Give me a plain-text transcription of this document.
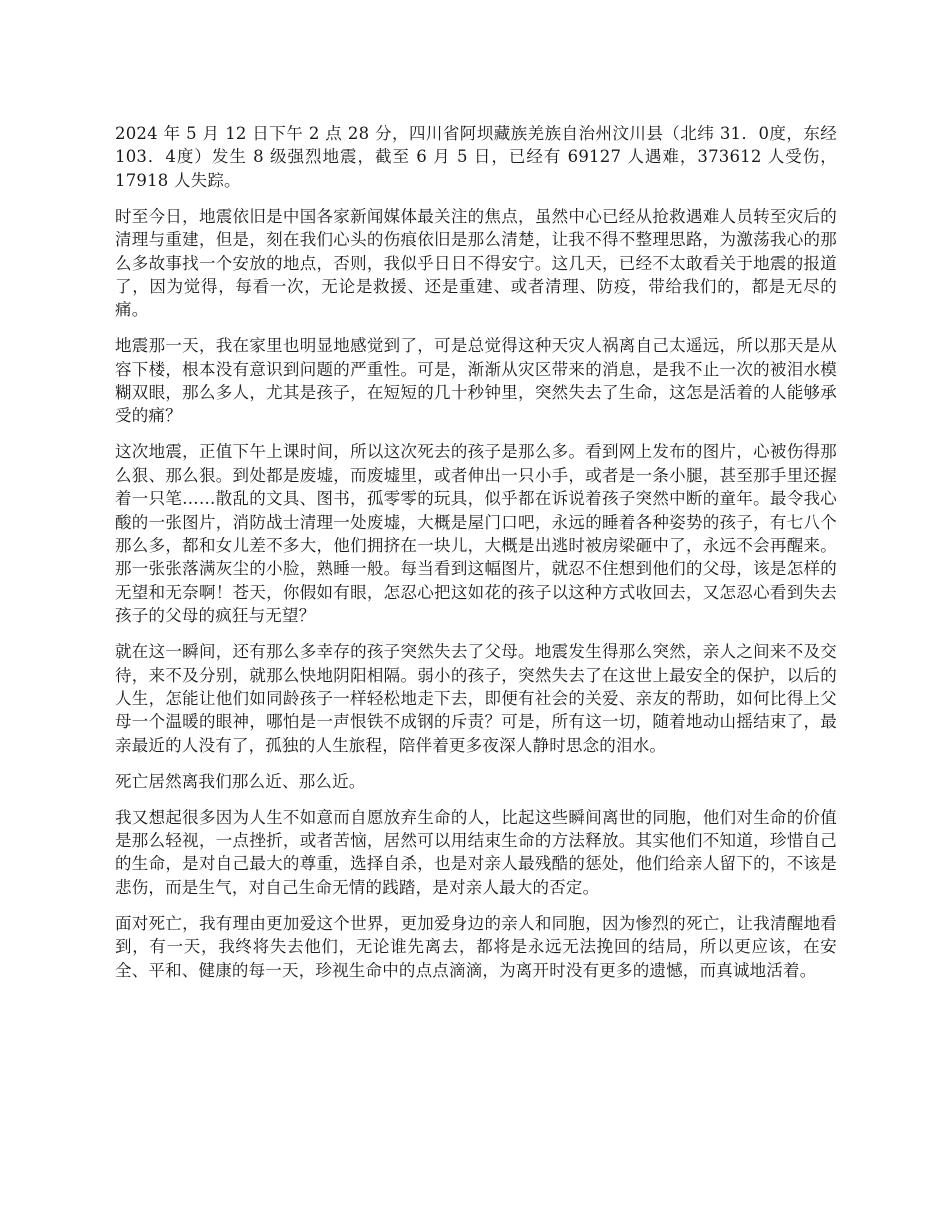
2024 年 5 月 12 日下午 2 点 28 分，四川省阿坝藏族羌族自治州汶川县（北纬 31．0度，东经 103．4度）发生 8 级强烈地震，截至 6 月 5 日，已经有 69127 人遇难，373612 人受伤，17918 人失踪。

时至今日，地震依旧是中国各家新闻媒体最关注的焦点，虽然中心已经从抢救遇难人员转至灾后的清理与重建，但是，刻在我们心头的伤痕依旧是那么清楚，让我不得不整理思路，为激荡我心的那么多故事找一个安放的地点，否则，我似乎日日不得安宁。这几天，已经不太敢看关于地震的报道了，因为觉得，每看一次，无论是救援、还是重建、或者清理、防疫，带给我们的，都是无尽的痛。

地震那一天，我在家里也明显地感觉到了，可是总觉得这种天灾人祸离自己太遥远，所以那天是从容下楼，根本没有意识到问题的严重性。可是，渐渐从灾区带来的消息，是我不止一次的被泪水模糊双眼，那么多人，尤其是孩子，在短短的几十秒钟里，突然失去了生命，这怎是活着的人能够承受的痛？

这次地震，正值下午上课时间，所以这次死去的孩子是那么多。看到网上发布的图片，心被伤得那么狠、那么狠。到处都是废墟，而废墟里，或者伸出一只小手，或者是一条小腿，甚至那手里还握着一只笔……散乱的文具、图书，孤零零的玩具，似乎都在诉说着孩子突然中断的童年。最令我心酸的一张图片，消防战士清理一处废墟，大概是屋门口吧，永远的睡着各种姿势的孩子，有七八个那么多，都和女儿差不多大，他们拥挤在一块儿，大概是出逃时被房梁砸中了，永远不会再醒来。那一张张落满灰尘的小脸，熟睡一般。每当看到这幅图片，就忍不住想到他们的父母，该是怎样的无望和无奈啊！苍天，你假如有眼，怎忍心把这如花的孩子以这种方式收回去，又怎忍心看到失去孩子的父母的疯狂与无望？

就在这一瞬间，还有那么多幸存的孩子突然失去了父母。地震发生得那么突然，亲人之间来不及交待，来不及分别，就那么快地阴阳相隔。弱小的孩子，突然失去了在这世上最安全的保护，以后的人生，怎能让他们如同龄孩子一样轻松地走下去，即便有社会的关爱、亲友的帮助，如何比得上父母一个温暖的眼神，哪怕是一声恨铁不成钢的斥责？可是，所有这一切，随着地动山摇结束了，最亲最近的人没有了，孤独的人生旅程，陪伴着更多夜深人静时思念的泪水。

死亡居然离我们那么近、那么近。

我又想起很多因为人生不如意而自愿放弃生命的人，比起这些瞬间离世的同胞，他们对生命的价值是那么轻视，一点挫折，或者苦恼，居然可以用结束生命的方法释放。其实他们不知道，珍惜自己的生命，是对自己最大的尊重，选择自杀，也是对亲人最残酷的惩处，他们给亲人留下的，不该是悲伤，而是生气，对自己生命无情的践踏，是对亲人最大的否定。

面对死亡，我有理由更加爱这个世界，更加爱身边的亲人和同胞，因为惨烈的死亡，让我清醒地看到，有一天，我终将失去他们，无论谁先离去，都将是永远无法挽回的结局，所以更应该，在安全、平和、健康的每一天，珍视生命中的点点滴滴，为离开时没有更多的遗憾，而真诚地活着。
